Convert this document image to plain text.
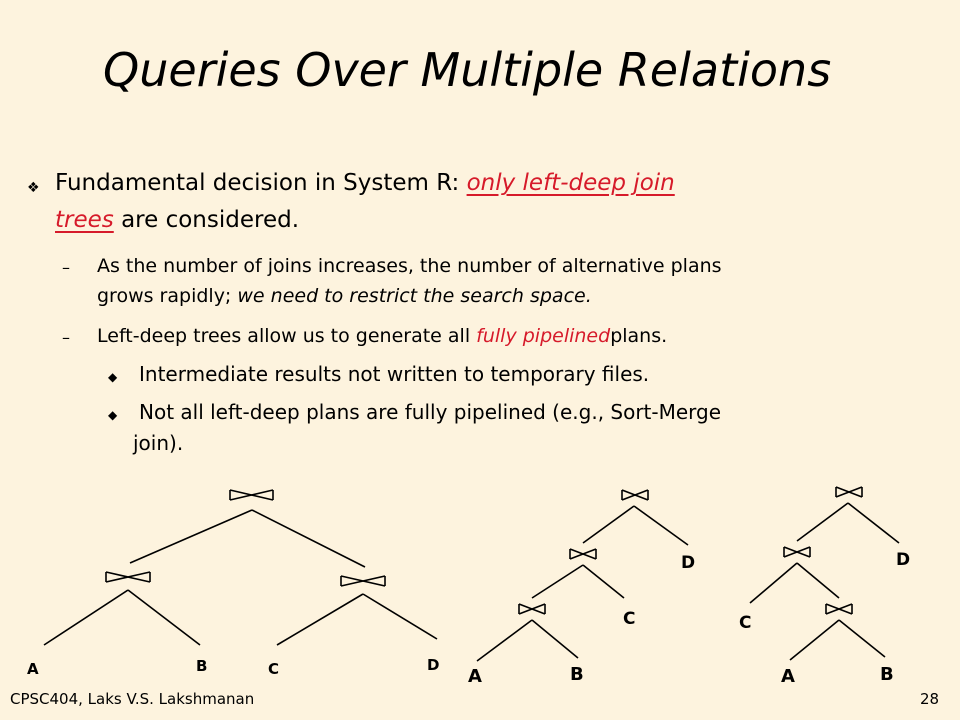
Queries Over Multiple Relations
❖ Fundamental decision in System R: only left-deep join
trees are considered.
– As the number of joins increases, the number of alternative plans
grows rapidly; we need to restrict the search space.
– Left-deep trees allow us to generate all fully pipelinedplans.
◆ Intermediate results not written to temporary files.
◆ Not all left-deep plans are fully pipelined (e.g., Sort-Merge
join).
A	B	C	D
A	B
C
D
A	B
C
D
CPSC404, Laks V.S. Lakshmanan	28
